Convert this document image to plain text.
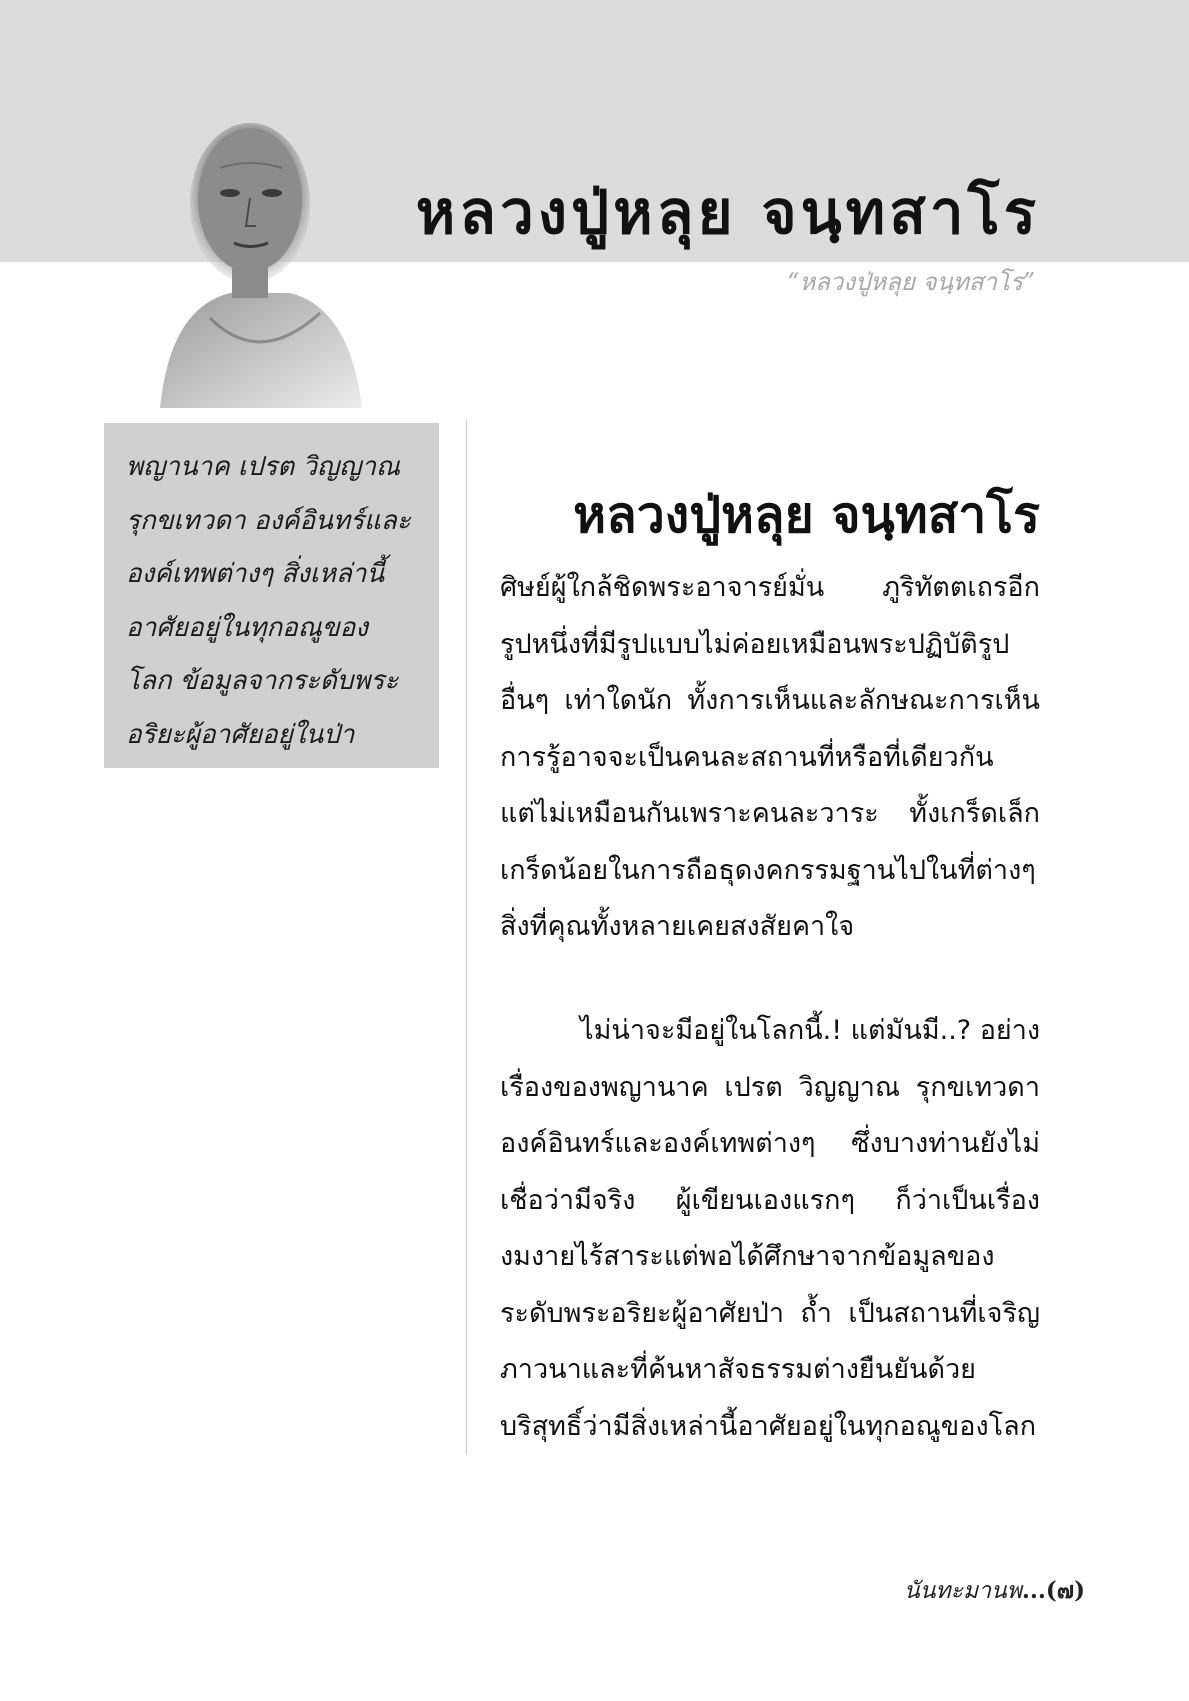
หลวงปู่หลุย จนฺทสาโร
“หลวงปู่หลุย จนฺทสาโร”
พญานาค เปรต วิญญาณ
รุกขเทวดา องค์อินทร์และ
องค์เทพต่างๆ สิ่งเหล่านี้
อาศัยอยู่ในทุกอณูของ
โลก ข้อมูลจากระดับพระ
อริยะผู้อาศัยอยู่ในป่า
หลวงปู่หลุย จนฺทสาโร
ศิษย์ผู้ใกล้ชิดพระอาจารย์มั่น ภูริทัตตเถรอีก
รูปหนึ่งที่มีรูปแบบไม่ค่อยเหมือนพระปฏิบัติรูป
อื่นๆ เท่าใดนัก ทั้งการเห็นและลักษณะการเห็น
การรู้อาจจะเป็นคนละสถานที่หรือที่เดียวกัน
แต่ไม่เหมือนกันเพราะคนละวาระ ทั้งเกร็ดเล็ก
เกร็ดน้อยในการถือธุดงคกรรมฐานไปในที่ต่างๆ
สิ่งที่คุณทั้งหลายเคยสงสัยคาใจ
ไม่น่าจะมีอยู่ในโลกนี้.! แต่มันมี..? อย่าง
เรื่องของพญานาค เปรต วิญญาณ รุกขเทวดา
องค์อินทร์และองค์เทพต่างๆ ซึ่งบางท่านยังไม่
เชื่อว่ามีจริง ผู้เขียนเองแรกๆ ก็ว่าเป็นเรื่อง
งมงายไร้สาระแต่พอได้ศึกษาจากข้อมูลของ
ระดับพระอริยะผู้อาศัยป่า ถ้ำ เป็นสถานที่เจริญ
ภาวนาและที่ค้นหาสัจธรรมต่างยืนยันด้วย
บริสุทธิ์ว่ามีสิ่งเหล่านี้อาศัยอยู่ในทุกอณูของโลก
นันทะมานพ...(๗)
